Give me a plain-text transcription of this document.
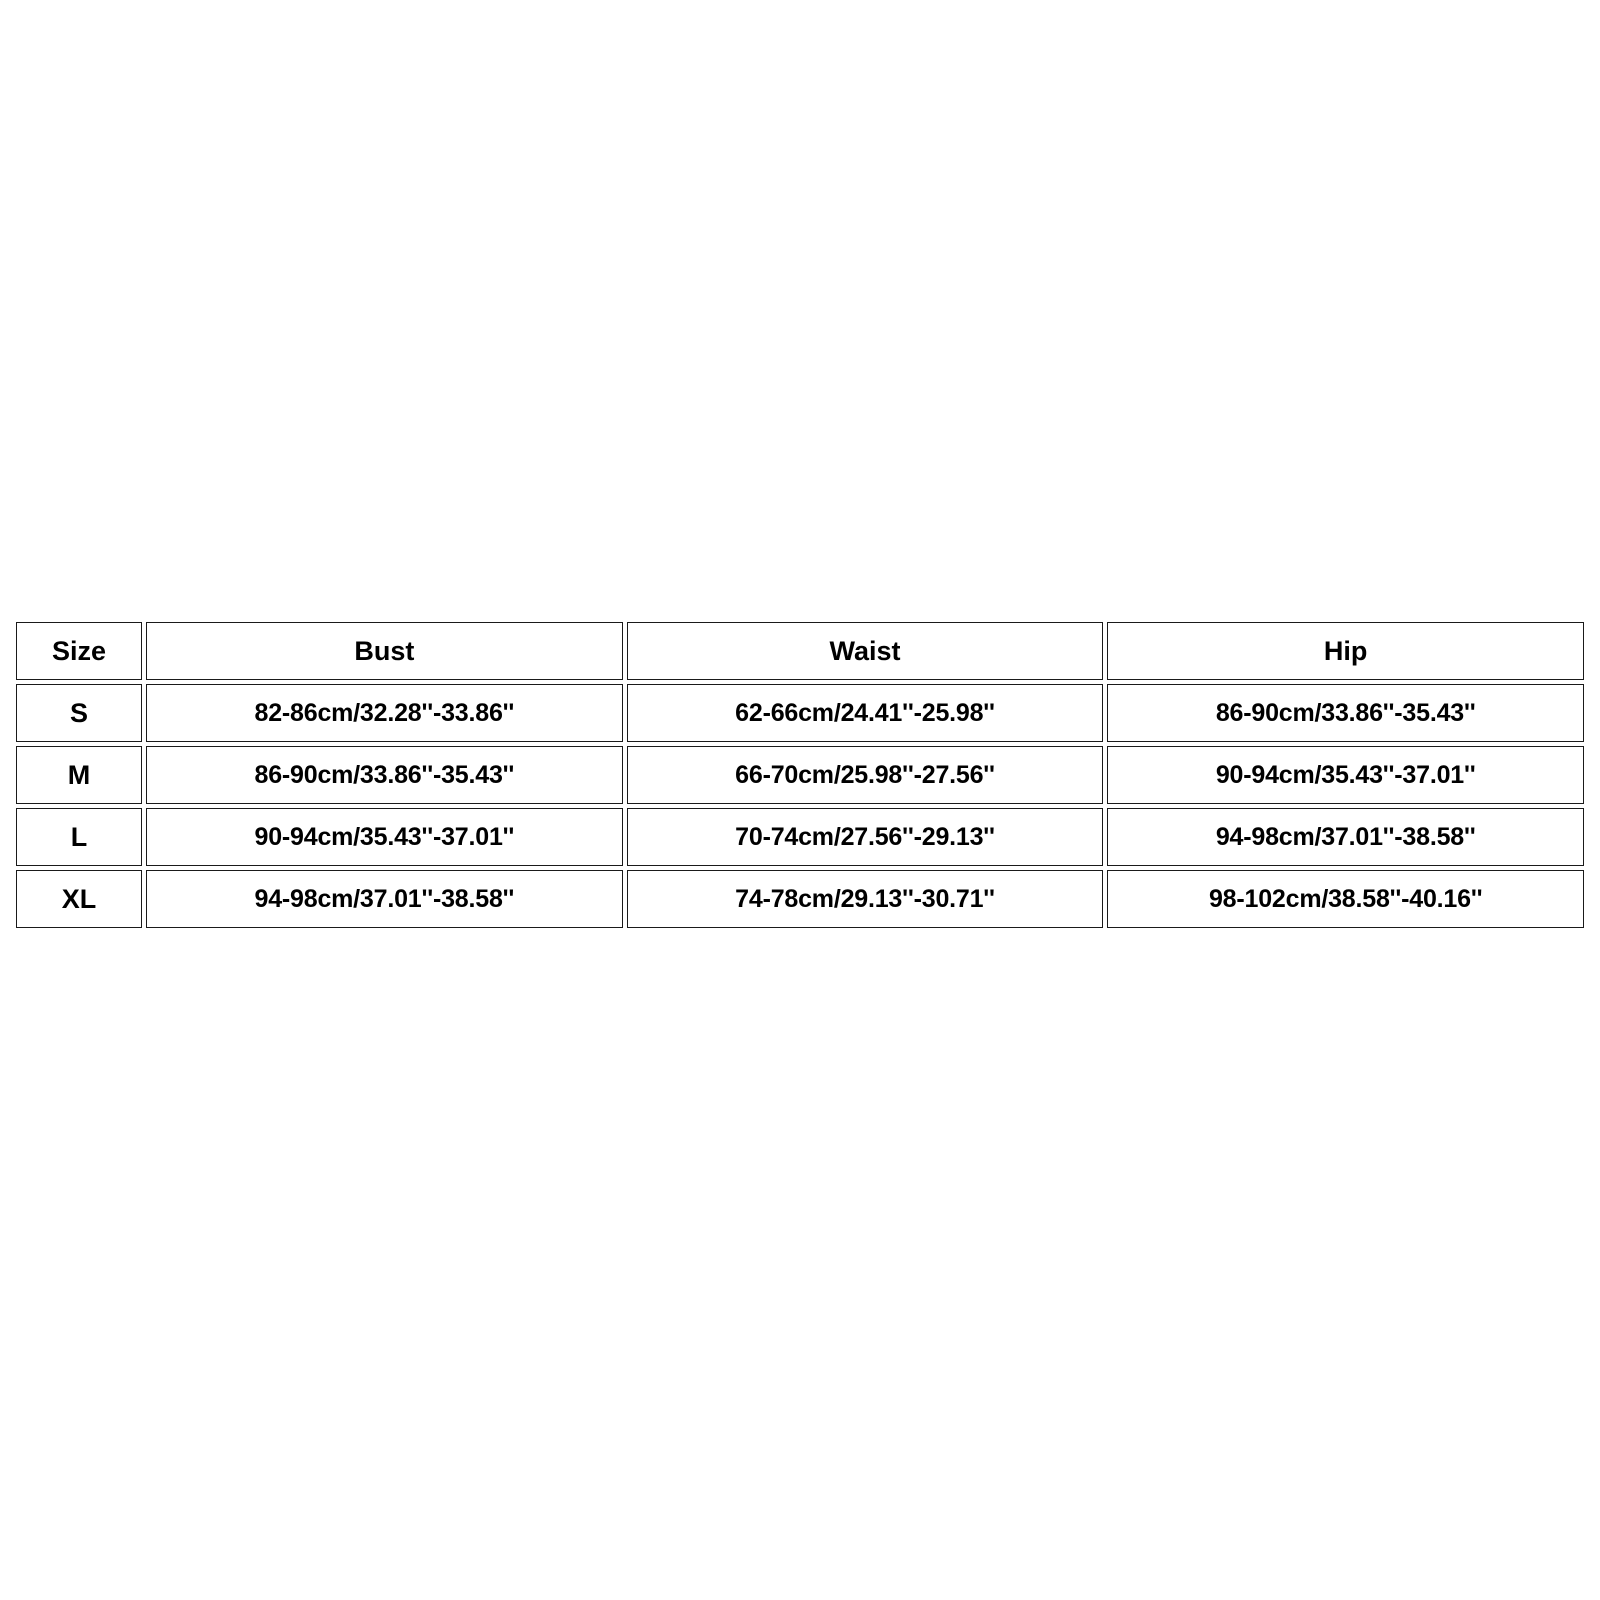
Size	Bust	Waist	Hip
S	82-86cm/32.28''-33.86''	62-66cm/24.41''-25.98''	86-90cm/33.86''-35.43''
M	86-90cm/33.86''-35.43''	66-70cm/25.98''-27.56''	90-94cm/35.43''-37.01''
L	90-94cm/35.43''-37.01''	70-74cm/27.56''-29.13''	94-98cm/37.01''-38.58''
XL	94-98cm/37.01''-38.58''	74-78cm/29.13''-30.71''	98-102cm/38.58''-40.16''
